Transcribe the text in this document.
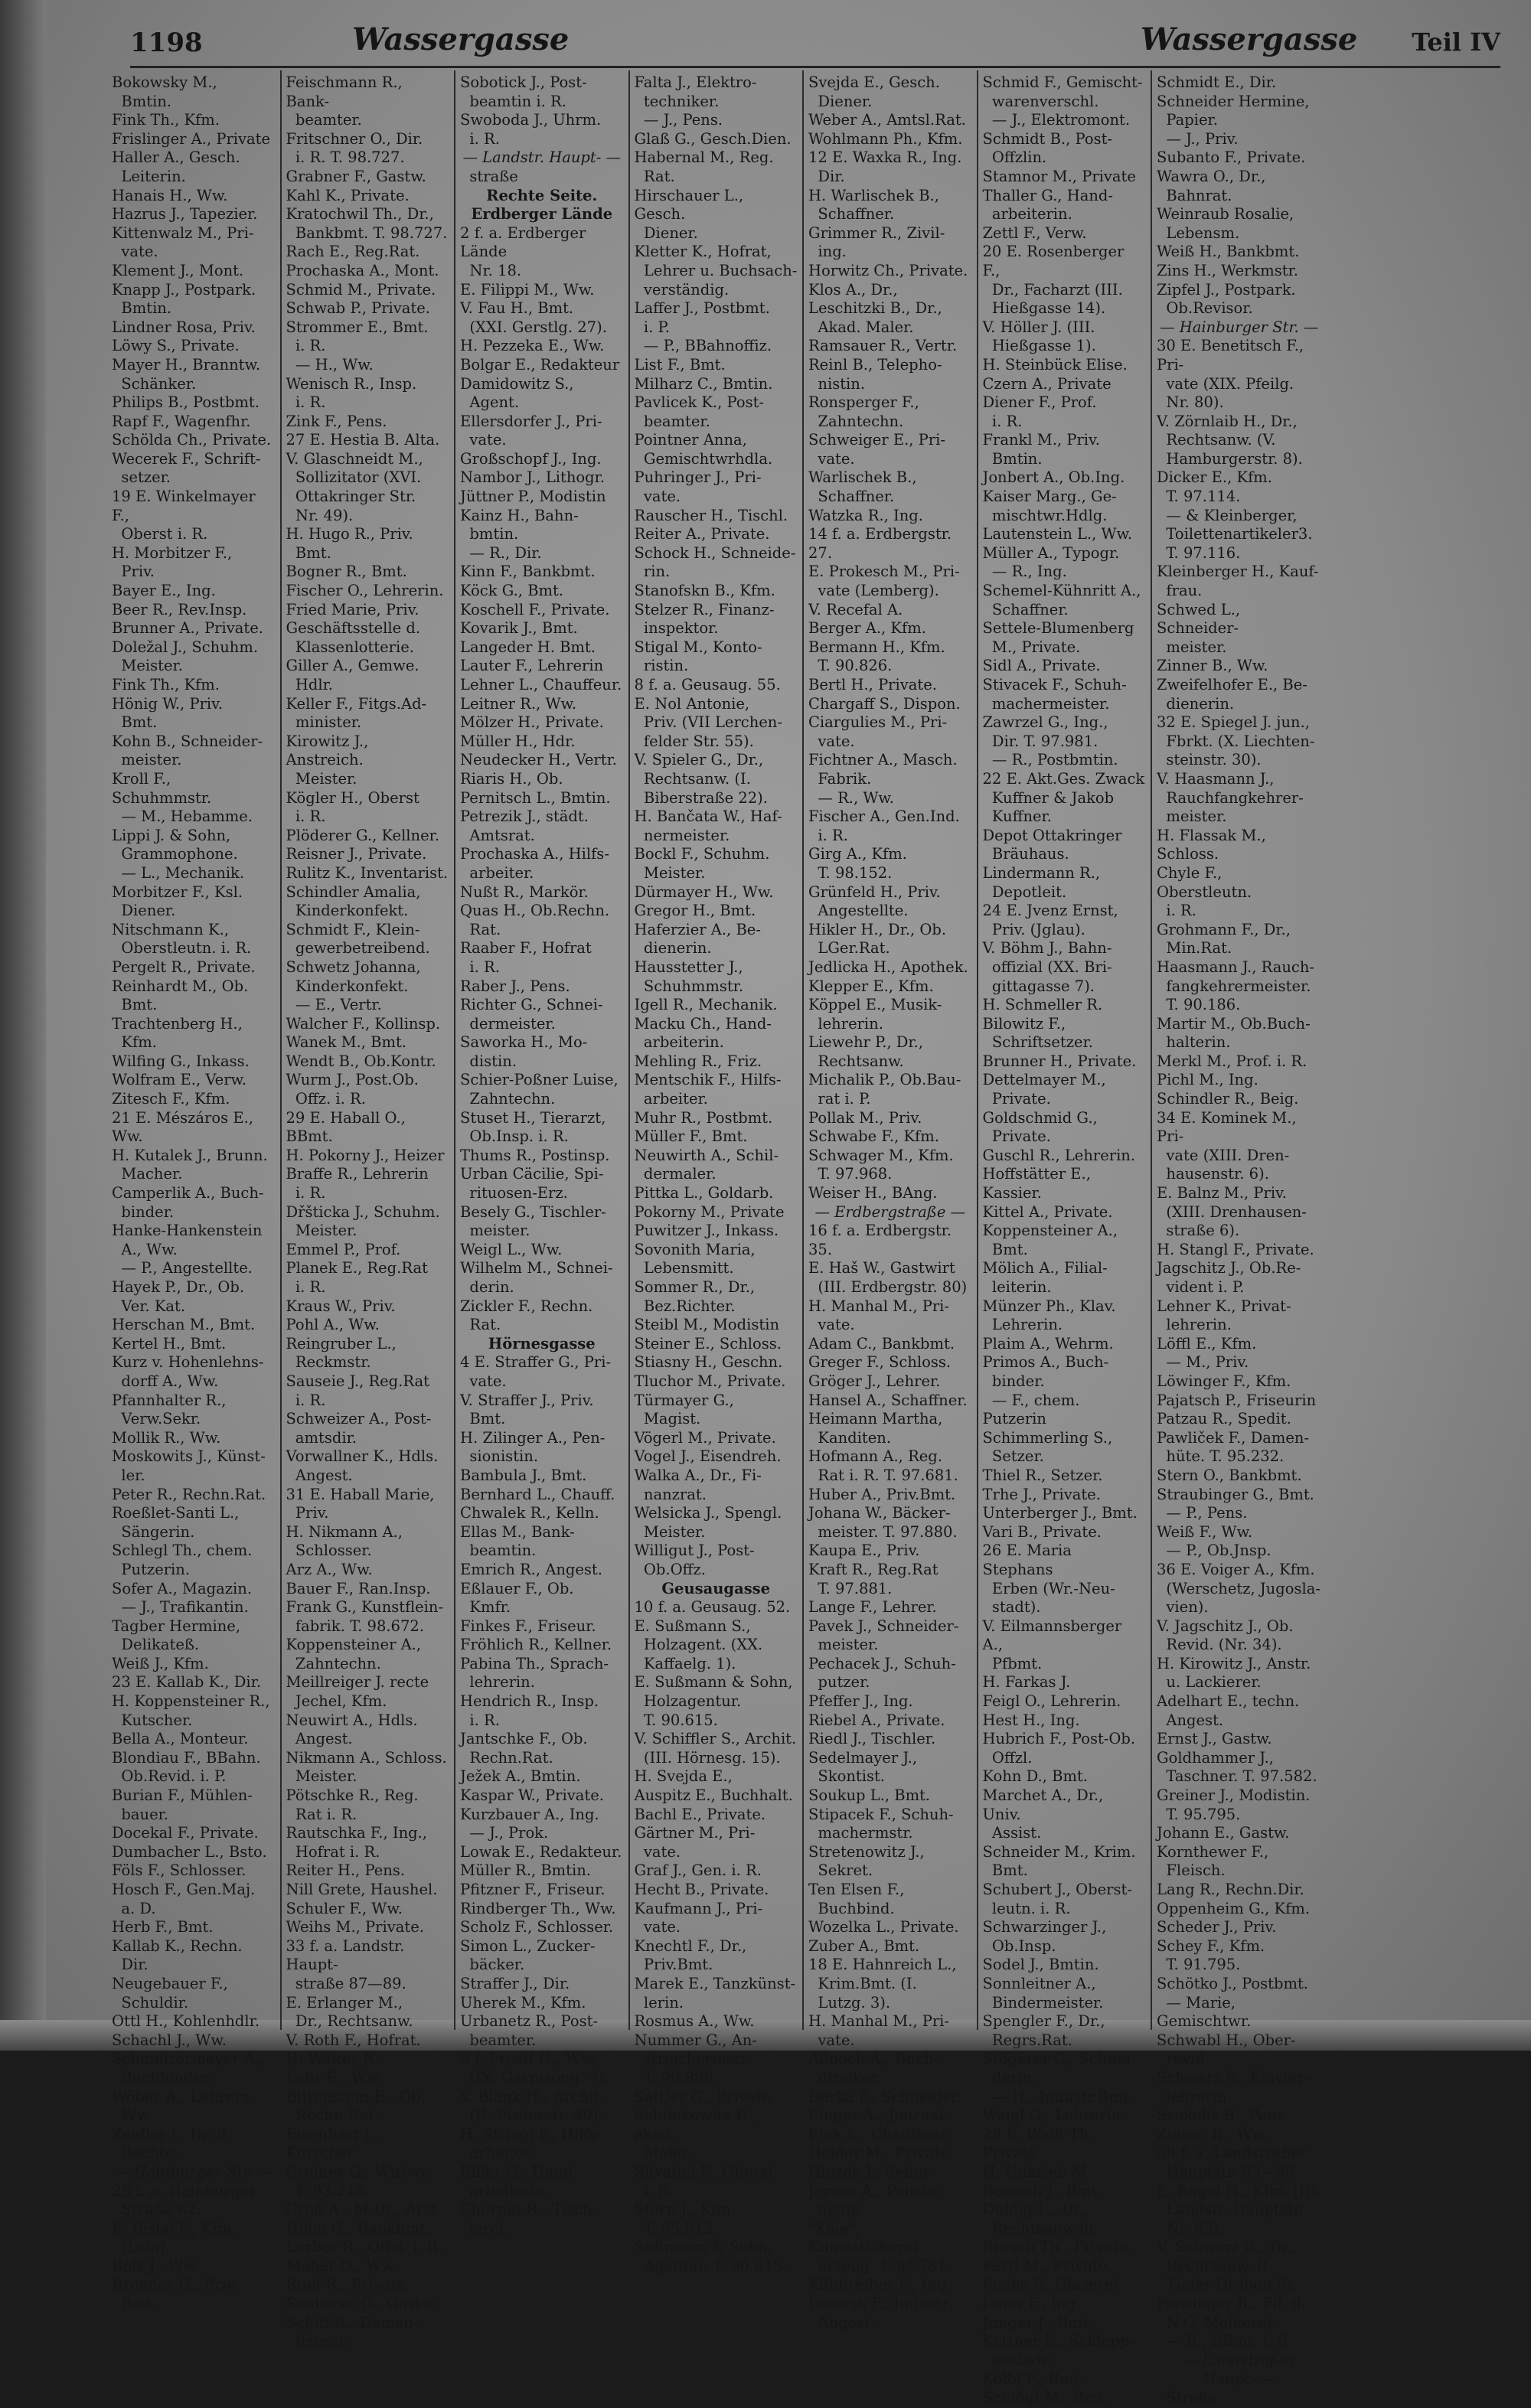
1198	Wassergasse	Wassergasse Teil IV
Bokowsky M.,
Bmtin.
Fink Th., Kfm.
Frislinger A., Private
Haller A., Gesch.
Leiterin.
Hanais H., Ww.
Hazrus J., Tapezier.
Kittenwalz M., Pri-
vate.
Klement J., Mont.
Knapp J., Postpark.
Bmtin.
Lindner Rosa, Priv.
Löwy S., Private.
Mayer H., Branntw.
Schänker.
Philips B., Postbmt.
Rapf F., Wagenfhr.
Schölda Ch., Private.
Wecerek F., Schrift-
setzer.
19 E. Winkelmayer F.,
Oberst i. R.
H. Morbitzer F.,
Priv.
Bayer E., Ing.
Beer R., Rev.Insp.
Brunner A., Private.
Doležal J., Schuhm.
Meister.
Fink Th., Kfm.
Hönig W., Priv.
Bmt.
Kohn B., Schneider-
meister.
Kroll F., Schuhmmstr.
— M., Hebamme.
Lippi J. & Sohn,
Grammophone.
— L., Mechanik.
Morbitzer F., Ksl.
Diener.
Nitschmann K.,
Oberstleutn. i. R.
Pergelt R., Private.
Reinhardt M., Ob.
Bmt.
Trachtenberg H.,
Kfm.
Wilfing G., Inkass.
Wolfram E., Verw.
Zitesch F., Kfm.
21 E. Mészáros E., Ww.
H. Kutalek J., Brunn.
Macher.
Camperlik A., Buch-
binder.
Hanke-Hankenstein
A., Ww.
— P., Angestellte.
Hayek P., Dr., Ob.
Ver. Kat.
Herschan M., Bmt.
Kertel H., Bmt.
Kurz v. Hohenlehns-
dorff A., Ww.
Pfannhalter R.,
Verw.Sekr.
Mollik R., Ww.
Moskowits J., Künst-
ler.
Peter R., Rechn.Rat.
Roeßlet-Santi L.,
Sängerin.
Schlegl Th., chem.
Putzerin.
Sofer A., Magazin.
— J., Trafikantin.
Tagber Hermine,
Delikateß.
Weiß J., Kfm.
23 E. Kallab K., Dir.
H. Koppensteiner R.,
Kutscher.
Bella A., Monteur.
Blondiau F., BBahn.
Ob.Revid. i. P.
Burian F., Mühlen-
bauer.
Docekal F., Private.
Dumbacher L., Bsto.
Föls F., Schlosser.
Hosch F., Gen.Maj.
a. D.
Herb F., Bmt.
Kallab K., Rechn.
Dir.
Neugebauer F.,
Schuldir.
Ottl H., Kohlenhdlr.
Schachl J., Ww.
Schmuttermayer A.,
Buchbinder.
Wöber A., Lehrers-
Ww.
Zeidler J., Dr. d.
Rechte.
— Hainburger Str. —
25 f. a. Hainburger
Straße 82.
E. Bislal F., Kfm.
(Lola).
Bolz J., Ww.
Brenner G., Priv.
Bmt.
Feischmann R., Bank-
beamter.
Fritschner O., Dir.
i. R. T. 98.727.
Grabner F., Gastw.
Kahl K., Private.
Kratochwil Th., Dr.,
Bankbmt. T. 98.727.
Rach E., Reg.Rat.
Prochaska A., Mont.
Schmid M., Private.
Schwab P., Private.
Strommer E., Bmt.
i. R.
— H., Ww.
Wenisch R., Insp.
i. R.
Zink F., Pens.
27 E. Hestia B. Alta.
V. Glaschneidt M.,
Sollizitator (XVI.
Ottakringer Str.
Nr. 49).
H. Hugo R., Priv.
Bmt.
Bogner R., Bmt.
Fischer O., Lehrerin.
Fried Marie, Priv.
Geschäftsstelle d.
Klassenlotterie.
Giller A., Gemwe.
Hdlr.
Keller F., Fitgs.Ad-
minister.
Kirowitz J., Anstreich.
Meister.
Kögler H., Oberst
i. R.
Plöderer G., Kellner.
Reisner J., Private.
Rulitz K., Inventarist.
Schindler Amalia,
Kinderkonfekt.
Schmidt F., Klein-
gewerbetreibend.
Schwetz Johanna,
Kinderkonfekt.
— E., Vertr.
Walcher F., Kollinsp.
Wanek M., Bmt.
Wendt B., Ob.Kontr.
Wurm J., Post.Ob.
Offz. i. R.
29 E. Haball O., BBmt.
H. Pokorny J., Heizer
Braffe R., Lehrerin
i. R.
Dřšticka J., Schuhm.
Meister.
Emmel P., Prof.
Planek E., Reg.Rat
i. R.
Kraus W., Priv.
Pohl A., Ww.
Reingruber L.,
Reckmstr.
Sauseie J., Reg.Rat
i. R.
Schweizer A., Post-
amtsdir.
Vorwallner K., Hdls.
Angest.
31 E. Haball Marie,
Priv.
H. Nikmann A.,
Schlosser.
Arz A., Ww.
Bauer F., Ran.Insp.
Frank G., Kunstflein-
fabrik. T. 98.672.
Koppensteiner A.,
Zahntechn.
Meillreiger J. recte
Jechel, Kfm.
Neuwirt A., Hdls.
Angest.
Nikmann A., Schloss.
Meister.
Pötschke R., Reg.
Rat i. R.
Rautschka F., Ing.,
Hofrat i. R.
Reiter H., Pens.
Nill Grete, Haushel.
Schuler F., Ww.
Weihs M., Private.
33 f. a. Landstr. Haupt-
straße 87—89.
E. Erlanger M.,
Dr., Rechtsanw.
V. Roth F., Hofrat.
H. Walter R.
Lahr E., Ww.
Bittenstein E., Ob.
Rechn.Rat.
Eisenhart J., Kutscher
Greiner G., Wirtwr.
T. 93.216.
Groß A., M.Dr., Arzt
Holm G., Bankbmt.
Lerber R., Offzl. i. R.
Maber O., Ww.
Ruef R., Private.
Sauberer G., Gastw.
Schiff R., Damen-
friseur.
Sobotick J., Post-
beamtin i. R.
Swoboda J., Uhrm.
i. R.
— Landstr. Haupt- —
straße
Rechte Seite.
Erdberger Lände
2 f. a. Erdberger Lände
Nr. 18.
E. Filippi M., Ww.
V. Fau H., Bmt.
(XXI. Gerstlg. 27).
H. Pezzeka E., Ww.
Bolgar E., Redakteur
Damidowitz S.,
Agent.
Ellersdorfer J., Pri-
vate.
Großschopf J., Ing.
Nambor J., Lithogr.
Jüttner P., Modistin
Kainz H., Bahn-
bmtin.
— R., Dir.
Kinn F., Bankbmt.
Köck G., Bmt.
Koschell F., Private.
Kovarik J., Bmt.
Langeder H. Bmt.
Lauter F., Lehrerin
Lehner L., Chauffeur.
Leitner R., Ww.
Mölzer H., Private.
Müller H., Hdr.
Neudecker H., Vertr.
Riaris H., Ob.
Pernitsch L., Bmtin.
Petrezik J., städt.
Amtsrat.
Prochaska A., Hilfs-
arbeiter.
Nußt R., Markör.
Quas H., Ob.Rechn.
Rat.
Raaber F., Hofrat
i. R.
Raber J., Pens.
Richter G., Schnei-
dermeister.
Saworka H., Mo-
distin.
Schier-Poßner Luise,
Zahntechn.
Stuset H., Tierarzt,
Ob.Insp. i. R.
Thums R., Postinsp.
Urban Cäcilie, Spi-
rituosen-Erz.
Besely G., Tischler-
meister.
Weigl L., Ww.
Wilhelm M., Schnei-
derin.
Zickler F., Rechn.
Rat.
Hörnesgasse
4 E. Straffer G., Pri-
vate.
V. Straffer J., Priv.
Bmt.
H. Zilinger A., Pen-
sionistin.
Bambula J., Bmt.
Bernhard L., Chauff.
Chwalek R., Kelln.
Ellas M., Bank-
beamtin.
Emrich R., Angest.
Eßlauer F., Ob.
Kmfr.
Finkes F., Friseur.
Fröhlich R., Kellner.
Pabina Th., Sprach-
lehrerin.
Hendrich R., Insp.
i. R.
Jantschke F., Ob.
Rechn.Rat.
Ježek A., Bmtin.
Kaspar W., Private.
Kurzbauer A., Ing.
— J., Prok.
Lowak E., Redakteur.
Müller R., Bmtin.
Pfitzner F., Friseur.
Rindberger Th., Ww.
Scholz F., Schlosser.
Simon L., Zucker-
bäcker.
Straffer J., Dir.
Uherek M., Kfm.
Urbanetz R., Post-
beamter.
6 f. Frostl H., Ww.
(IX. Garnisong. 7).
V. Blank H., Archit.
(II. Praterstr. 40).
H. Striegl F., Hilfs-
arbeiter.
Biller G., Hand-
arbeiterin.
Chornat R., Tisch-
lerei.
Falta J., Elektro-
techniker.
— J., Pens.
Glaß G., Gesch.Dien.
Habernal M., Reg.
Rat.
Hirschauer L., Gesch.
Diener.
Kletter K., Hofrat,
Lehrer u. Buchsach-
verständig.
Laffer J., Postbmt.
i. P.
— P., BBahnoffiz.
List F., Bmt.
Milharz C., Bmtin.
Pavlicek K., Post-
beamter.
Pointner Anna,
Gemischtwrhdla.
Puhringer J., Pri-
vate.
Rauscher H., Tischl.
Reiter A., Private.
Schock H., Schneide-
rin.
Stanofskn B., Kfm.
Stelzer R., Finanz-
inspektor.
Stigal M., Konto-
ristin.
8 f. a. Geusaug. 55.
E. Nol Antonie,
Priv. (VII Lerchen-
felder Str. 55).
V. Spieler G., Dr.,
Rechtsanw. (I.
Biberstraße 22).
H. Bančata W., Haf-
nermeister.
Bockl F., Schuhm.
Meister.
Dürmayer H., Ww.
Gregor H., Bmt.
Haferzier A., Be-
dienerin.
Hausstetter J.,
Schuhmmstr.
Igell R., Mechanik.
Macku Ch., Hand-
arbeiterin.
Mehling R., Friz.
Mentschik F., Hilfs-
arbeiter.
Muhr R., Postbmt.
Müller F., Bmt.
Neuwirth A., Schil-
dermaler.
Pittka L., Goldarb.
Pokorny M., Private
Puwitzer J., Inkass.
Sovonith Maria,
Lebensmitt.
Sommer R., Dr.,
Bez.Richter.
Steibl M., Modistin
Steiner E., Schloss.
Stiasny H., Geschn.
Tluchor M., Private.
Türmayer G.,
Magist.
Vögerl M., Private.
Vogel J., Eisendreh.
Walka A., Dr., Fi-
nanzrat.
Welsicka J., Spengl.
Meister.
Willigut J., Post-
Ob.Offz.
Geusaugasse
10 f. a. Geusaug. 52.
E. Sußmann S.,
Holzagent. (XX.
Kaffaelg. 1).
E. Sußmann & Sohn,
Holzagentur.
T. 90.615.
V. Schiffler S., Archit.
(III. Hörnesg. 15).
H. Svejda E.,
Auspitz E., Buchhalt.
Bachl E., Private.
Gärtner M., Pri-
vate.
Graf J., Gen. i. R.
Hecht B., Private.
Kaufmann J., Pri-
vate.
Knechtl F., Dr.,
Priv.Bmt.
Marek E., Tanzkünst-
lerin.
Rosmus A., Ww.
Nummer G., An-
streichermstr.
T. 90.898.
Sattler G., Private.
Schimkowitz H., akad.
Maler.
Silvatici F., Oberst
i. R.
Stern J., Kfm.
T. 95.812.
Sußmann & Sohn,
Agentur. T. 90.615.
Svejda E., Gesch.
Diener.
Weber A., Amtsl.Rat.
Wohlmann Ph., Kfm.
12 E. Waxka R., Ing.
Dir.
H. Warlischek B.,
Schaffner.
Grimmer R., Zivil-
ing.
Horwitz Ch., Private.
Klos A., Dr.,
Leschitzki B., Dr.,
Akad. Maler.
Ramsauer R., Vertr.
Reinl B., Telepho-
nistin.
Ronsperger F.,
Zahntechn.
Schweiger E., Pri-
vate.
Warlischek B.,
Schaffner.
Watzka R., Ing.
14 f. a. Erdbergstr. 27.
E. Prokesch M., Pri-
vate (Lemberg).
V. Recefal A.
Berger A., Kfm.
Bermann H., Kfm.
T. 90.826.
Bertl H., Private.
Chargaff S., Dispon.
Ciargulies M., Pri-
vate.
Fichtner A., Masch.
Fabrik.
— R., Ww.
Fischer A., Gen.Ind.
i. R.
Girg A., Kfm.
T. 98.152.
Grünfeld H., Priv.
Angestellte.
Hikler H., Dr., Ob.
LGer.Rat.
Jedlicka H., Apothek.
Klepper E., Kfm.
Köppel E., Musik-
lehrerin.
Liewehr P., Dr.,
Rechtsanw.
Michalik P., Ob.Bau-
rat i. P.
Pollak M., Priv.
Schwabe F., Kfm.
Schwager M., Kfm.
T. 97.968.
Weiser H., BAng.
— Erdbergstraße —
16 f. a. Erdbergstr. 35.
E. Haš W., Gastwirt
(III. Erdbergstr. 80)
H. Manhal M., Pri-
vate.
Adam C., Bankbmt.
Greger F., Schloss.
Gröger J., Lehrer.
Hansel A., Schaffner.
Heimann Martha,
Kanditen.
Hofmann A., Reg.
Rat i. R. T. 97.681.
Huber A., Priv.Bmt.
Johana W., Bäcker-
meister. T. 97.880.
Kaupa E., Priv.
Kraft R., Reg.Rat
T. 97.881.
Lange F., Lehrer.
Pavek J., Schneider-
meister.
Pechacek J., Schuh-
putzer.
Pfeffer J., Ing.
Riebel A., Private.
Riedl J., Tischler.
Sedelmayer J.,
Skontist.
Soukup L., Bmt.
Stipacek F., Schuh-
machermstr.
Stretenowitz J.,
Sekret.
Ten Elsen F.,
Buchbind.
Wozelka L., Private.
Zuber A., Bmt.
18 E. Hahnreich L.,
Krim.Bmt. (I.
Lutzg. 3).
H. Manhal M., Pri-
vate.
Allnoch A., Buch-
drucker.
Derka F., Schneider.
Finger A., Journal.
Fink L., Chauffeur.
Heider M., Private.
Hlozek J., Seher.
Jerson A., Pensio-
nistin.
"Kaje", Kunststickerei-
erzeug. T. 9°.781.
Kühbreiber F., Ing.
Loserth F., Industr.
Angest.
Schmid F., Gemischt-
warenverschl.
— J., Elektromont.
Schmidt B., Post-
Offzlin.
Stamnor M., Private
Thaller G., Hand-
arbeiterin.
Zettl F., Verw.
20 E. Rosenberger F.,
Dr., Facharzt (III.
Hießgasse 14).
V. Höller J. (III.
Hießgasse 1).
H. Steinbück Elise.
Czern A., Private
Diener F., Prof.
i. R.
Frankl M., Priv.
Bmtin.
Jonbert A., Ob.Ing.
Kaiser Marg., Ge-
mischtwr.Hdlg.
Lautenstein L., Ww.
Müller A., Typogr.
— R., Ing.
Schemel-Kühnritt A.,
Schaffner.
Settele-Blumenberg
M., Private.
Sidl A., Private.
Stivacek F., Schuh-
machermeister.
Zawrzel G., Ing.,
Dir. T. 97.981.
— R., Postbmtin.
22 E. Akt.Ges. Zwack
Kuffner & Jakob
Kuffner.
Depot Ottakringer
Bräuhaus.
Lindermann R.,
Depotleit.
24 E. Jvenz Ernst,
Priv. (Jglau).
V. Böhm J., Bahn-
offizial (XX. Bri-
gittagasse 7).
H. Schmeller R.
Bilowitz F.,
Schriftsetzer.
Brunner H., Private.
Dettelmayer M.,
Private.
Goldschmid G.,
Private.
Guschl R., Lehrerin.
Hoffstätter E., Kassier.
Kittel A., Private.
Koppensteiner A.,
Bmt.
Mölich A., Filial-
leiterin.
Münzer Ph., Klav.
Lehrerin.
Plaim A., Wehrm.
Primos A., Buch-
binder.
— F., chem. Putzerin
Schimmerling S.,
Setzer.
Thiel R., Setzer.
Trhe J., Private.
Unterberger J., Bmt.
Vari B., Private.
26 E. Maria Stephans
Erben (Wr.-Neu-
stadt).
V. Eilmannsberger A.,
Pfbmt.
H. Farkas J.
Feigl O., Lehrerin.
Hest H., Ing.
Hubrich F., Post-Ob.
Offzl.
Kohn D., Bmt.
Marchet A., Dr., Univ.
Assist.
Schneider M., Krim.
Bmt.
Schubert J., Oberst-
leutn. i. R.
Schwarzinger J.,
Ob.Insp.
Sodel J., Bmtin.
Sonnleitner A.,
Bindermeister.
Spengler F., Dr.,
Regrs.Rat.
Stögerer C., Schnei-
derin.
— H., Industr.Bmt.
Weigl O., Lehrerin.
28 E. Weiß Th., Private
H. Unkrieb M.
Benisch J., Bmt.
Duldig L., Dr.,
Rechtsanwalt
Brosch Th., Private.
Fertl M., Private.
Fuchs F., Glaserei.
Jonas F., Ing.
Junger J., Bmt.
Kettner L., Schlepp-
auslade.
Kölbl F., Bmt.
Schlögl M., Bmt.
Schmidt E., Dir.
Schneider Hermine,
Papier.
— J., Priv.
Subanto F., Private.
Wawra O., Dr.,
Bahnrat.
Weinraub Rosalie,
Lebensm.
Weiß H., Bankbmt.
Zins H., Werkmstr.
Zipfel J., Postpark.
Ob.Revisor.
— Hainburger Str. —
30 E. Benetitsch F., Pri-
vate (XIX. Pfeilg.
Nr. 80).
V. Zörnlaib H., Dr.,
Rechtsanw. (V.
Hamburgerstr. 8).
Dicker E., Kfm.
T. 97.114.
— & Kleinberger,
Toilettenartikeler3.
T. 97.116.
Kleinberger H., Kauf-
frau.
Schwed L., Schneider-
meister.
Zinner B., Ww.
Zweifelhofer E., Be-
dienerin.
32 E. Spiegel J. jun.,
Fbrkt. (X. Liechten-
steinstr. 30).
V. Haasmann J.,
Rauchfangkehrer-
meister.
H. Flassak M., Schloss.
Chyle F., Oberstleutn.
i. R.
Grohmann F., Dr.,
Min.Rat.
Haasmann J., Rauch-
fangkehrermeister.
T. 90.186.
Martir M., Ob.Buch-
halterin.
Merkl M., Prof. i. R.
Pichl M., Ing.
Schindler R., Beig.
34 E. Kominek M., Pri-
vate (XIII. Dren-
hausenstr. 6).
E. Balnz M., Priv.
(XIII. Drenhausen-
straße 6).
H. Stangl F., Private.
Jagschitz J., Ob.Re-
vident i. P.
Lehner K., Privat-
lehrerin.
Löffl E., Kfm.
— M., Priv.
Löwinger F., Kfm.
Pajatsch P., Friseurin
Patzau R., Spedit.
Pawliček F., Damen-
hüte. T. 95.232.
Stern O., Bankbmt.
Straubinger G., Bmt.
— P., Pens.
Weiß F., Ww.
— P., Ob.Jnsp.
36 E. Voiger A., Kfm.
(Werschetz, Jugosla-
vien).
V. Jagschitz J., Ob.
Revid. (Nr. 34).
H. Kirowitz J., Anstr.
u. Lackierer.
Adelhart E., techn.
Angest.
Ernst J., Gastw.
Goldhammer J.,
Taschner. T. 97.582.
Greiner J., Modistin.
T. 95.795.
Johann E., Gastw.
Kornthewer F.,
Fleisch.
Lang R., Rechn.Dir.
Oppenheim G., Kfm.
Scheder J., Priv.
Schey F., Kfm.
T. 91.795.
Schötko J., Postbmt.
— Marie, Gemischtwr.
Schwabl H., Ober-
revid.
Schwarz S., Klavier-
lehrerin.
Szakolis B., Pens.
Zinner B., Ww.
38 f. a. Landstraßer
Hauptstr. 83—85.
E. Engel H., Kfm. (III.
Landstr. Hauptstr.
Nr. 85).
V. Schwarz G., Dr.,
Rechtsanw. (I.
Tiefer Graben 9).
Penzinger R., Fil. d.
N.Ö. Molkerei.
— R., BBmt. i. P.
— Landstraßer Haupt- —
Straße
